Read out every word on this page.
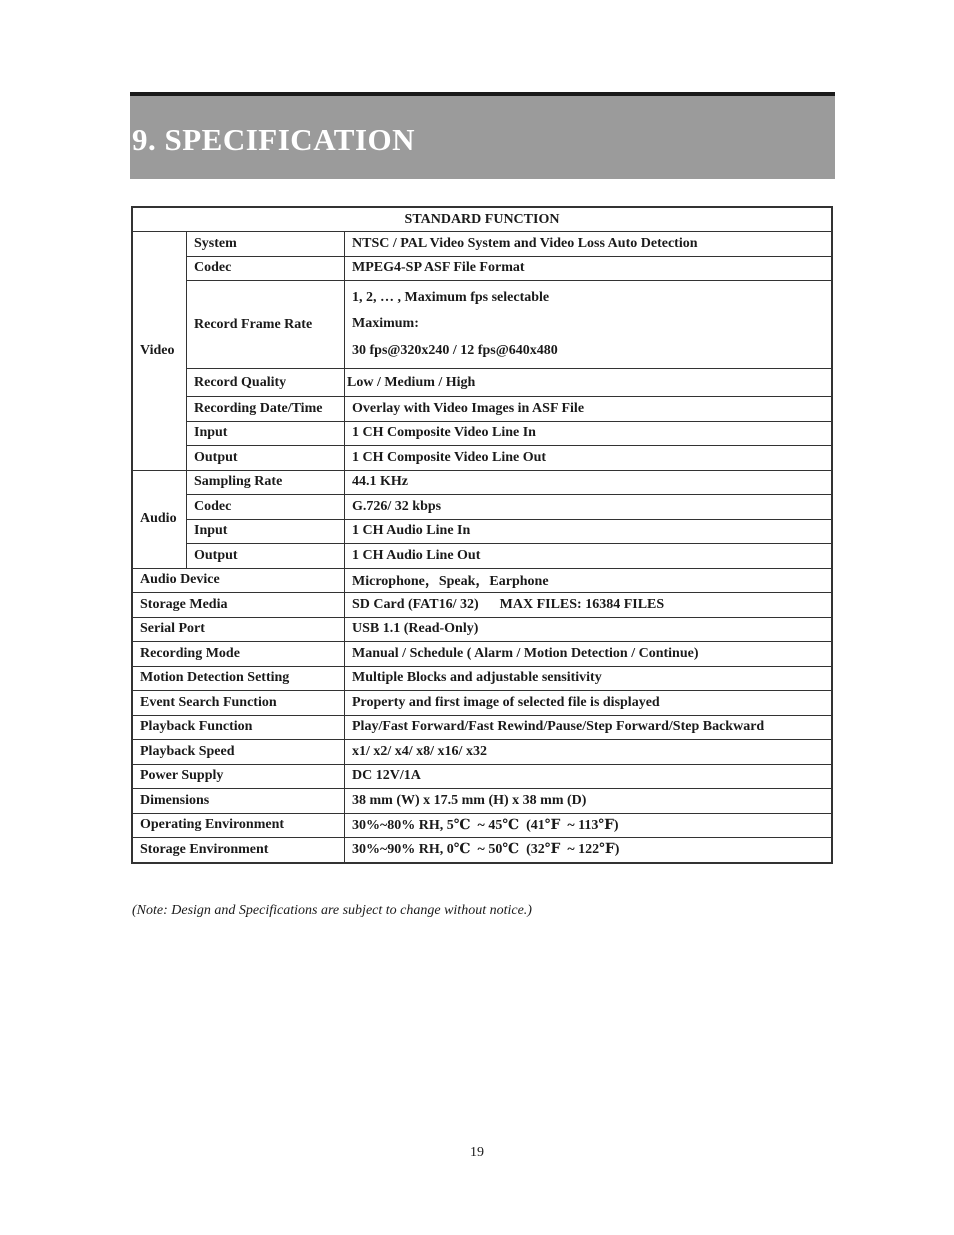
9. SPECIFICATION
STANDARD FUNCTION		
Video	System	NTSC / PAL Video System and Video Loss Auto Detection
	Codec	MPEG4-SP ASF File Format
	Record Frame Rate	1, 2, … , Maximum fps selectable
Maximum:
30 fps@320x240 / 12 fps@640x480

	Record Quality	Low / Medium / High
	Recording Date/Time	Overlay with Video Images in ASF File
	Input	1 CH Composite Video Line In
	Output	1 CH Composite Video Line Out
Audio	Sampling Rate	44.1 KHz
	Codec	G.726/ 32 kbps
	Input	1 CH Audio Line In
	Output	1 CH Audio Line Out
Audio Device		Microphone，Speak，Earphone
Storage Media		SD Card (FAT16/ 32)      MAX FILES: 16384 FILES
Serial Port		USB 1.1 (Read-Only)
Recording Mode		Manual / Schedule ( Alarm / Motion Detection / Continue)
Motion Detection Setting		Multiple Blocks and adjustable sensitivity
Event Search Function		Property and first image of selected file is displayed
Playback Function		Play/Fast Forward/Fast Rewind/Pause/Step Forward/Step Backward
Playback Speed		x1/ x2/ x4/ x8/ x16/ x32
Power Supply		DC 12V/1A
Dimensions		38 mm (W) x 17.5 mm (H) x 38 mm (D)
Operating Environment		30%~80% RH, 5℃  ~ 45℃  (41℉  ~ 113℉)
Storage Environment		30%~90% RH, 0℃  ~ 50℃  (32℉  ~ 122℉)
(Note: Design and Specifications are subject to change without notice.)
19
